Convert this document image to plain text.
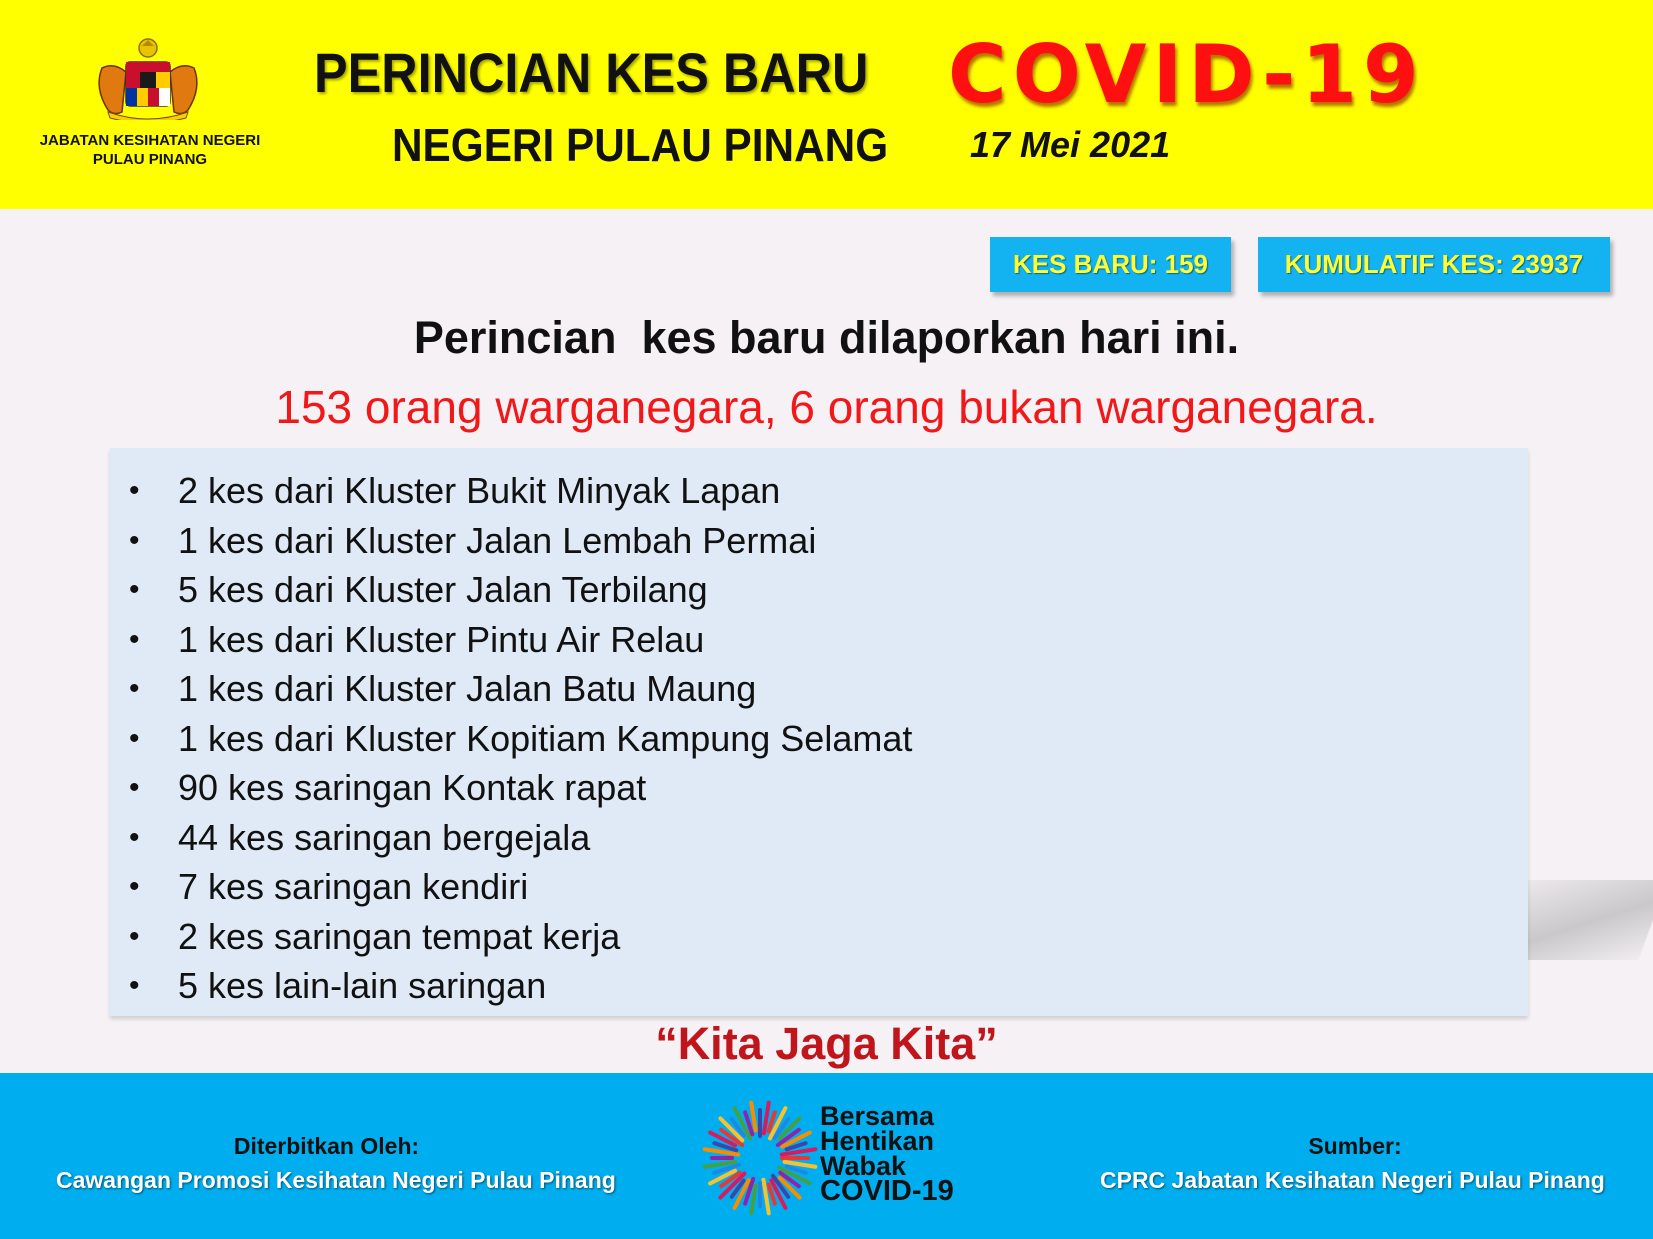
JABATAN KESIHATAN NEGERI
PULAU PINANG
PERINCIAN KES BARU
NEGERI PULAU PINANG
COVID-19
17 Mei 2021
KES BARU: 159	KUMULATIF KES: 23937
Perincian  kes baru dilaporkan hari ini.
153 orang warganegara, 6 orang bukan warganegara.
• 2 kes dari Kluster Bukit Minyak Lapan
• 1 kes dari Kluster Jalan Lembah Permai
• 5 kes dari Kluster Jalan Terbilang
• 1 kes dari Kluster Pintu Air Relau
• 1 kes dari Kluster Jalan Batu Maung
• 1 kes dari Kluster Kopitiam Kampung Selamat
• 90 kes saringan Kontak rapat
• 44 kes saringan bergejala
• 7 kes saringan kendiri
• 2 kes saringan tempat kerja
• 5 kes lain-lain saringan
“Kita Jaga Kita”
Diterbitkan Oleh:
Cawangan Promosi Kesihatan Negeri Pulau Pinang
Bersama
Hentikan
Wabak
COVID-19
Sumber:
CPRC Jabatan Kesihatan Negeri Pulau Pinang
